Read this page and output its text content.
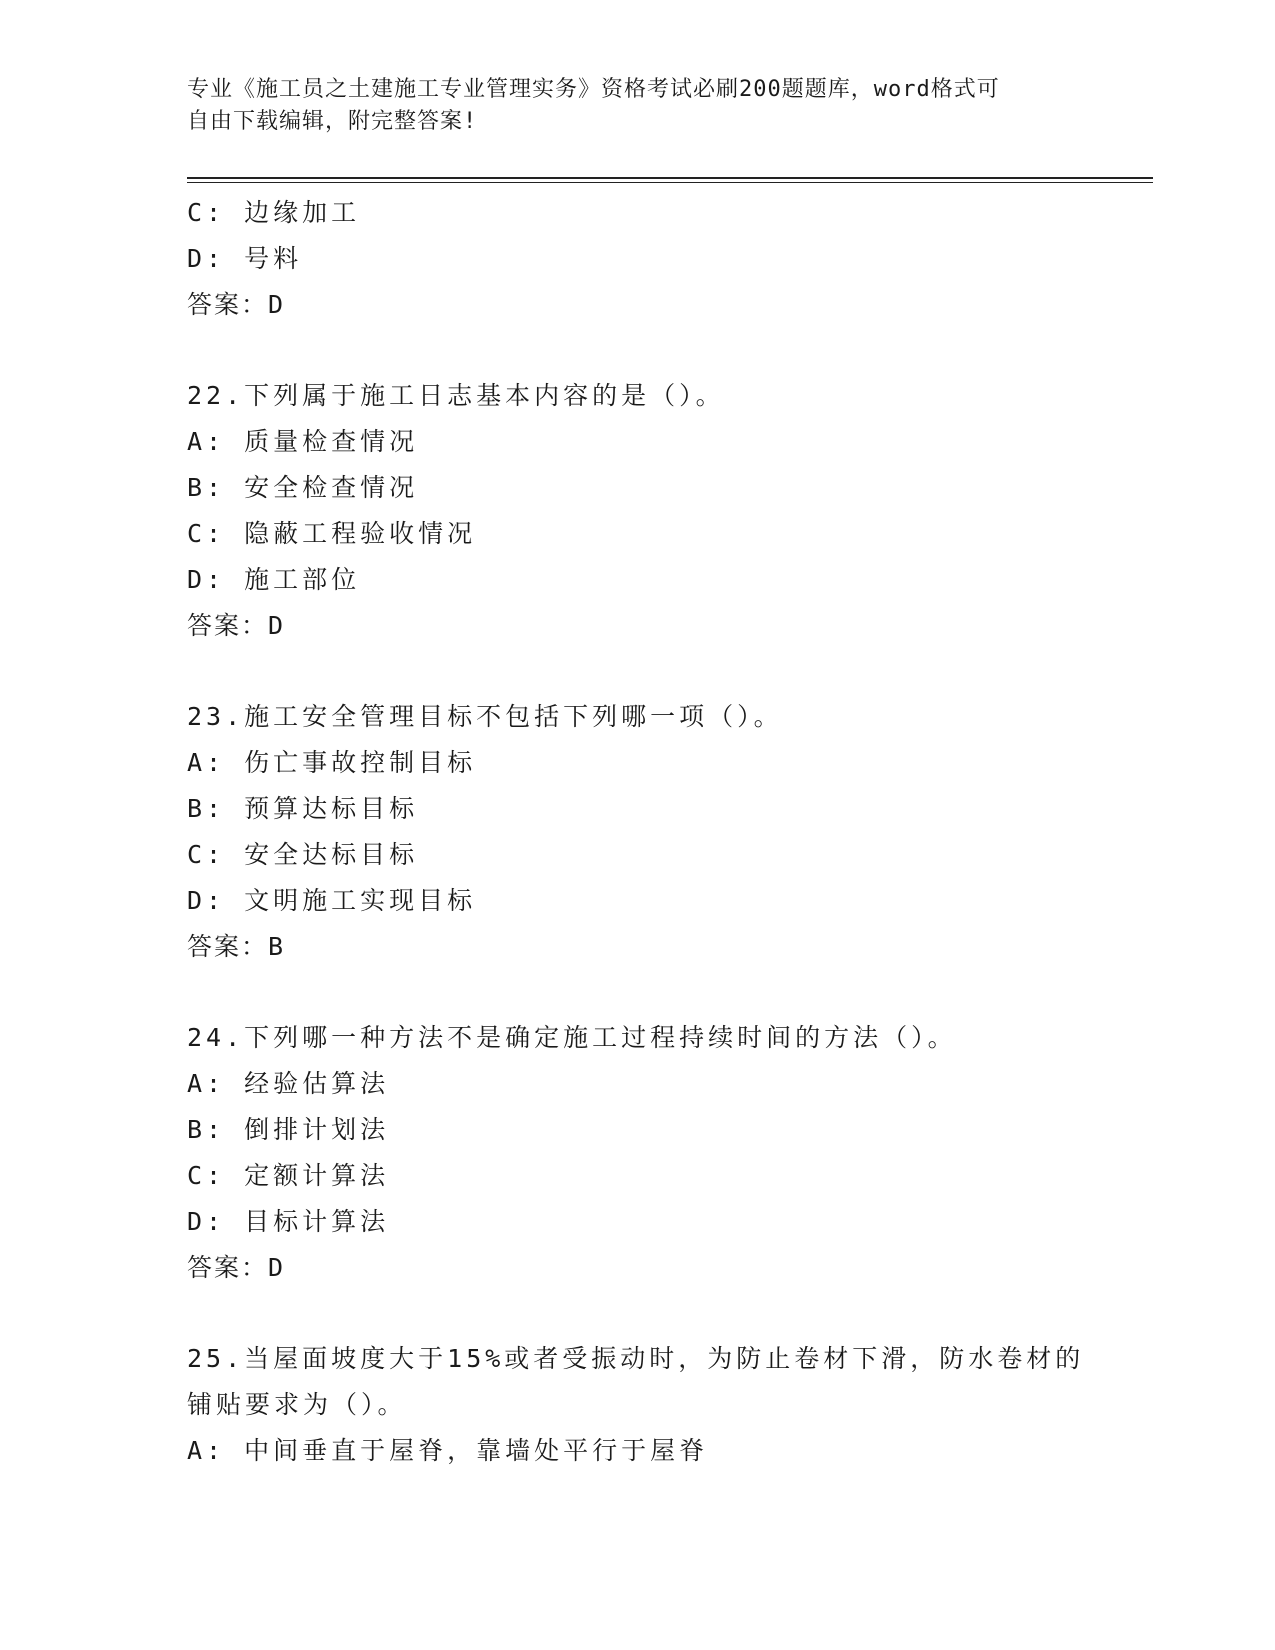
专业《施工员之土建施工专业管理实务》资格考试必刷200题题库，word格式可
自由下载编辑，附完整答案!
C: 边缘加工
D: 号料
答案：D
22.下列属于施工日志基本内容的是（）。
A: 质量检查情况
B: 安全检查情况
C: 隐蔽工程验收情况
D: 施工部位
答案：D
23.施工安全管理目标不包括下列哪一项（）。
A: 伤亡事故控制目标
B: 预算达标目标
C: 安全达标目标
D: 文明施工实现目标
答案：B
24.下列哪一种方法不是确定施工过程持续时间的方法（）。
A: 经验估算法
B: 倒排计划法
C: 定额计算法
D: 目标计算法
答案：D
25.当屋面坡度大于15%或者受振动时，为防止卷材下滑，防水卷材的
铺贴要求为（）。
A: 中间垂直于屋脊，靠墙处平行于屋脊
